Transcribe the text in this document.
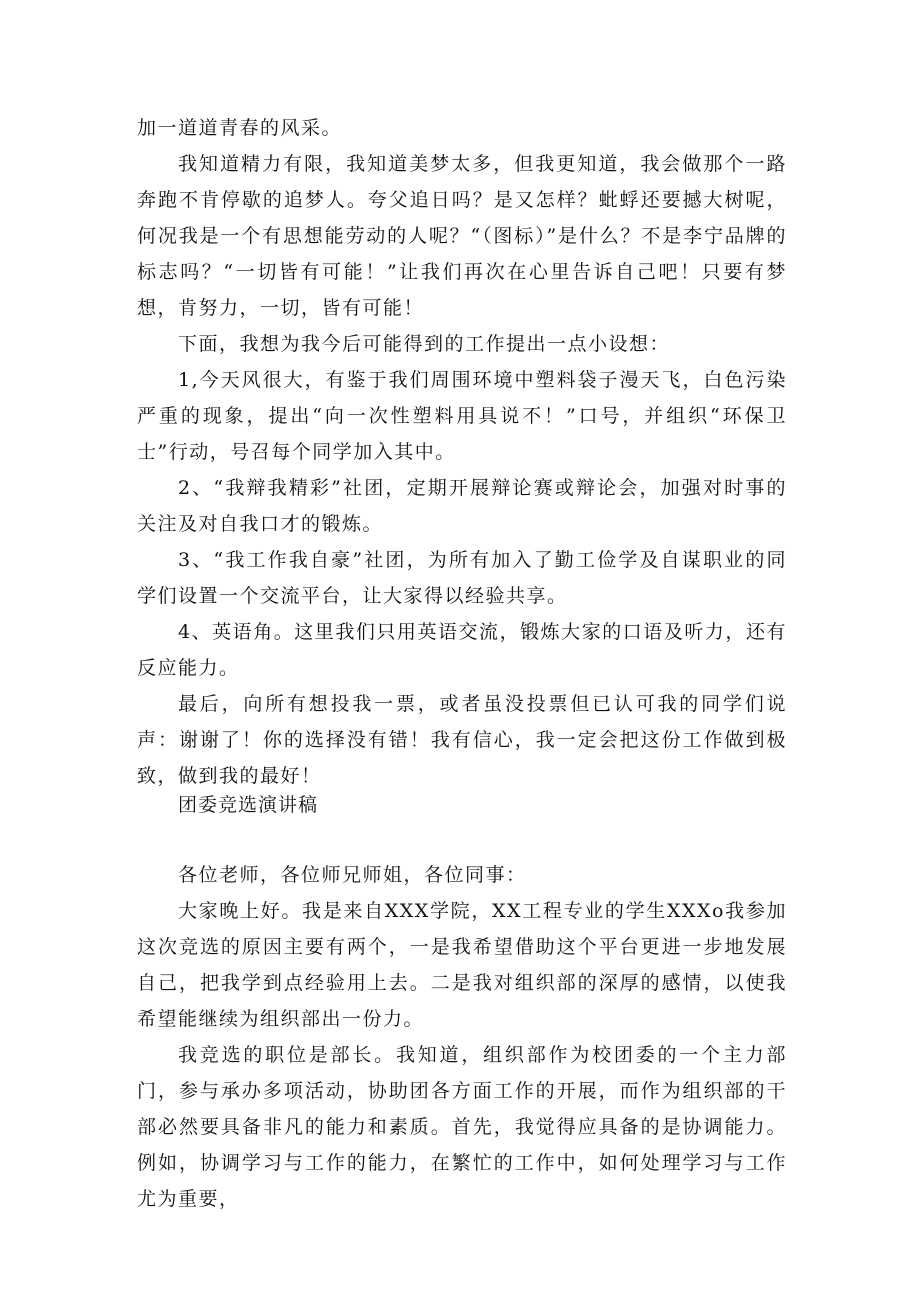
加一道道青春的风采。

我知道精力有限，我知道美梦太多，但我更知道，我会做那个一路奔跑不肯停歇的追梦人。夸父追日吗？是又怎样？蚍蜉还要撼大树呢，何况我是一个有思想能劳动的人呢？“（图标）”是什么？不是李宁品牌的标志吗？“一切皆有可能！”让我们再次在心里告诉自己吧！只要有梦想，肯努力，一切，皆有可能！

下面，我想为我今后可能得到的工作提出一点小设想：

1,今天风很大，有鉴于我们周围环境中塑料袋子漫天飞，白色污染严重的现象，提出“向一次性塑料用具说不！”口号，并组织“环保卫士”行动，号召每个同学加入其中。

2、“我辩我精彩”社团，定期开展辩论赛或辩论会，加强对时事的关注及对自我口才的锻炼。

3、“我工作我自豪”社团，为所有加入了勤工俭学及自谋职业的同学们设置一个交流平台，让大家得以经验共享。

4、英语角。这里我们只用英语交流，锻炼大家的口语及听力，还有反应能力。

最后，向所有想投我一票，或者虽没投票但已认可我的同学们说声：谢谢了！你的选择没有错！我有信心，我一定会把这份工作做到极致，做到我的最好！

团委竞选演讲稿

各位老师，各位师兄师姐，各位同事：

大家晚上好。我是来自XXX学院，XX工程专业的学生XXXo我参加这次竞选的原因主要有两个，一是我希望借助这个平台更进一步地发展自己，把我学到点经验用上去。二是我对组织部的深厚的感情，以使我希望能继续为组织部出一份力。

我竞选的职位是部长。我知道，组织部作为校团委的一个主力部门，参与承办多项活动，协助团各方面工作的开展，而作为组织部的干部必然要具备非凡的能力和素质。首先，我觉得应具备的是协调能力。例如，协调学习与工作的能力，在繁忙的工作中，如何处理学习与工作尤为重要，
